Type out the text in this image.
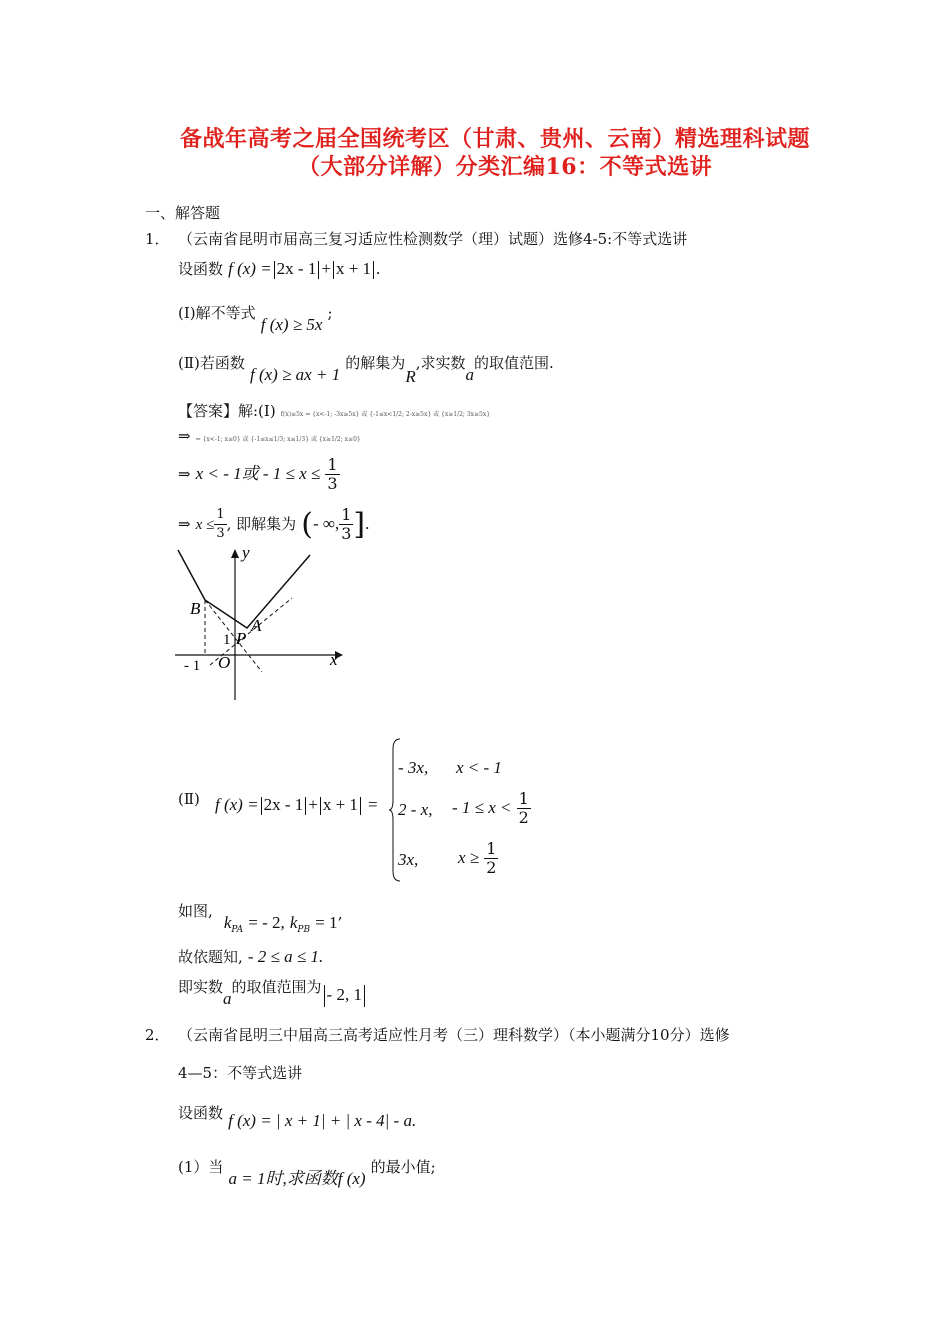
备战年高考之届全国统考区（甘肃、贵州、云南）精选理科试题
（大部分详解）分类汇编16：不等式选讲
一、解答题
1． （云南省昆明市届高三复习适应性检测数学（理）试题）选修4-5:不等式选讲
设函数 f (x) = 2x - 1 + x + 1 .
(Ⅰ)解不等式 f (x) ≥ 5x ;
(Ⅱ)若函数 f (x) ≥ ax + 1 的解集为R,求实数a的取值范围.
【答案】解:(Ⅰ) f(x)≥5x ⇔ {x<-1; -3x≥5x} 或 {-1≤x<1/2; 2-x≥5x} 或 {x≥1/2; 3x≥5x}
⇒ ⇒ {x<-1; x≤0} 或 {-1≤x≤1/3; x≤1/3} 或 {x≥1/2; x≤0}
⇒ x < - 1或 - $1 \le x \le \frac{1}{3}$
⇒ $x \le \frac{1}{3}$ , 即解集为 (- ∞, $\frac{1}{3}$ ].
y
B
A
1 P
x
- 1 O
(Ⅱ) f (x) = 2x - 1 + x + 1 =
- 3x, x < - 1
2 - x, - $1 \le x < \frac{1}{2}$
3x, $x \ge \frac{1}{2}$
如图, $k_{PA}$ = - 2, $k_{PB} = 1$’
故依题知, - 2 ≤ a ≤ 1.
即实数a的取值范围为 - 2, 1
2． （云南省昆明三中届高三高考适应性月考（三）理科数学）（本小题满分10分）选修
4—5：不等式选讲
设函数 f (x) = | x + 1| + | x - 4| - a.
(1）当 a = 1时,求函数f (x) 的最小值;
